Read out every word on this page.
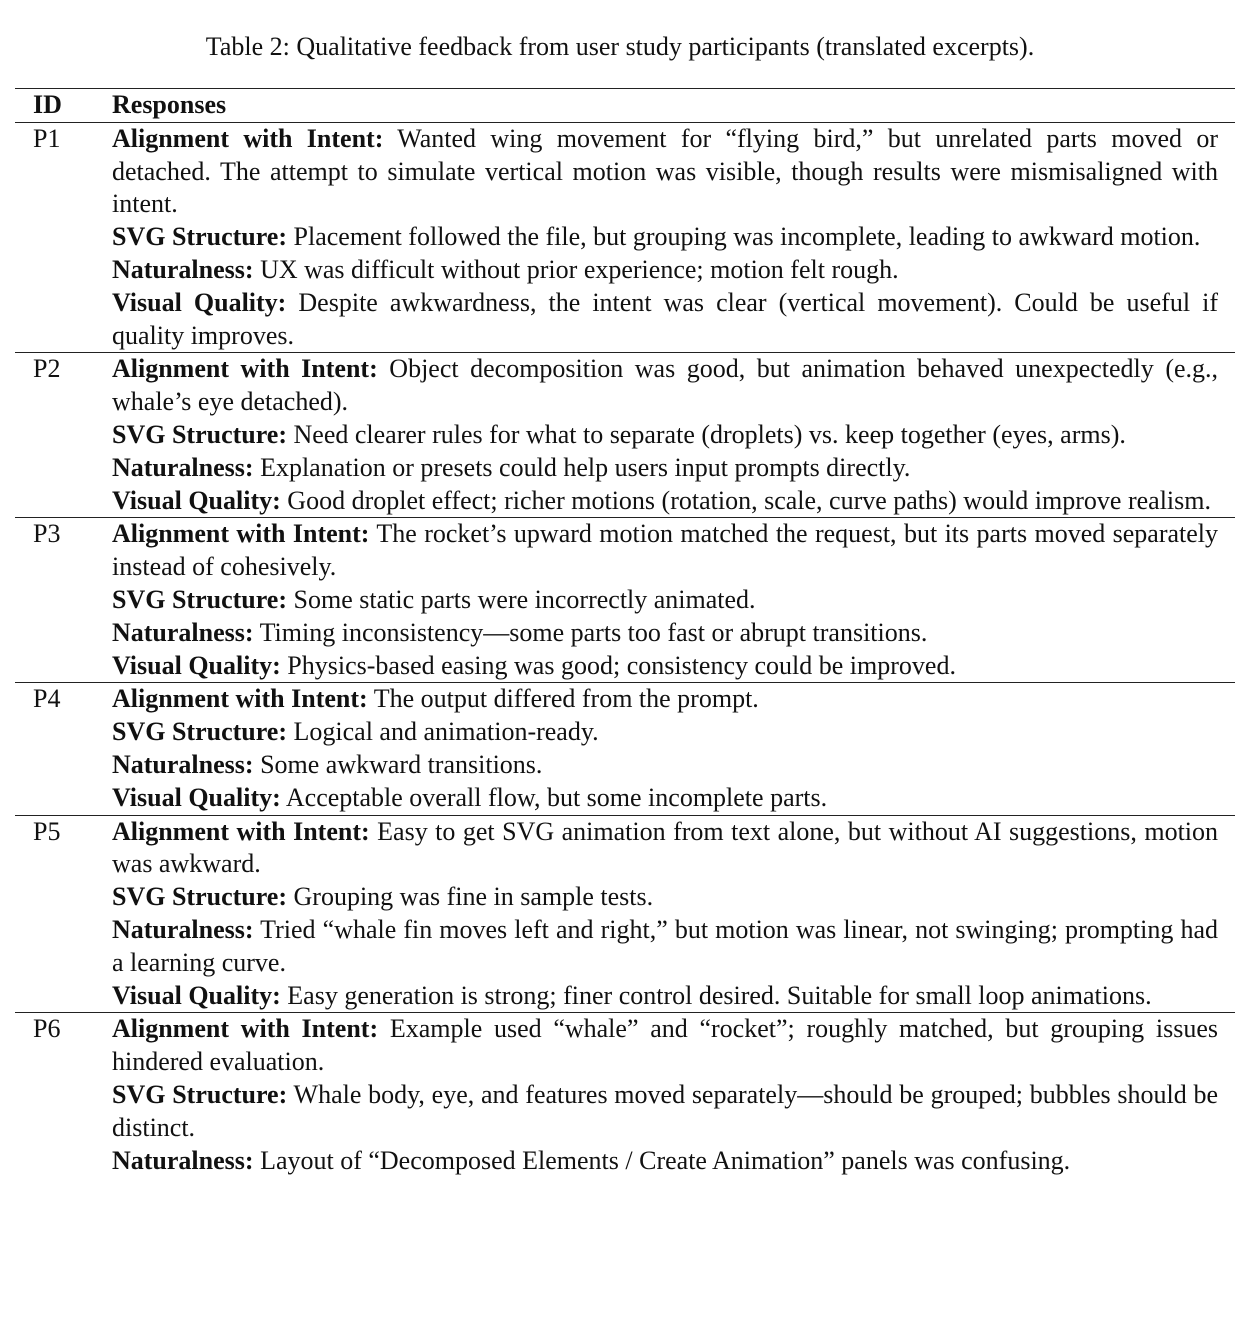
Table 2: Qualitative feedback from user study participants (translated excerpts).
ID	Responses
P1	Alignment with Intent: Wanted wing movement for “flying bird,” but unrelated parts moved or detached. The attempt to simulate vertical motion was visible, though results were mismisaligned with intent.

SVG Structure: Placement followed the file, but grouping was incomplete, leading to awkward motion.

Naturalness: UX was difficult without prior experience; motion felt rough.

Visual Quality: Despite awkwardness, the intent was clear (vertical movement). Could be useful if quality improves.

P2	Alignment with Intent: Object decomposition was good, but animation behaved unexpectedly (e.g., whale’s eye detached).

SVG Structure: Need clearer rules for what to separate (droplets) vs. keep together (eyes, arms).

Naturalness: Explanation or presets could help users input prompts directly.

Visual Quality: Good droplet effect; richer motions (rotation, scale, curve paths) would improve realism.

P3	Alignment with Intent: The rocket’s upward motion matched the request, but its parts moved separately instead of cohesively.

SVG Structure: Some static parts were incorrectly animated.

Naturalness: Timing inconsistency—some parts too fast or abrupt transitions.

Visual Quality: Physics-based easing was good; consistency could be improved.

P4	Alignment with Intent: The output differed from the prompt.

SVG Structure: Logical and animation-ready.

Naturalness: Some awkward transitions.

Visual Quality: Acceptable overall flow, but some incomplete parts.

P5	Alignment with Intent: Easy to get SVG animation from text alone, but without AI suggestions, motion was awkward.

SVG Structure: Grouping was fine in sample tests.

Naturalness: Tried “whale fin moves left and right,” but motion was linear, not swinging; prompting had a learning curve.

Visual Quality: Easy generation is strong; finer control desired. Suitable for small loop animations.

P6	Alignment with Intent: Example used “whale” and “rocket”; roughly matched, but grouping issues hindered evaluation.

SVG Structure: Whale body, eye, and features moved separately—should be grouped; bubbles should be distinct.

Naturalness: Layout of “Decomposed Elements / Create Animation” panels was confusing.
